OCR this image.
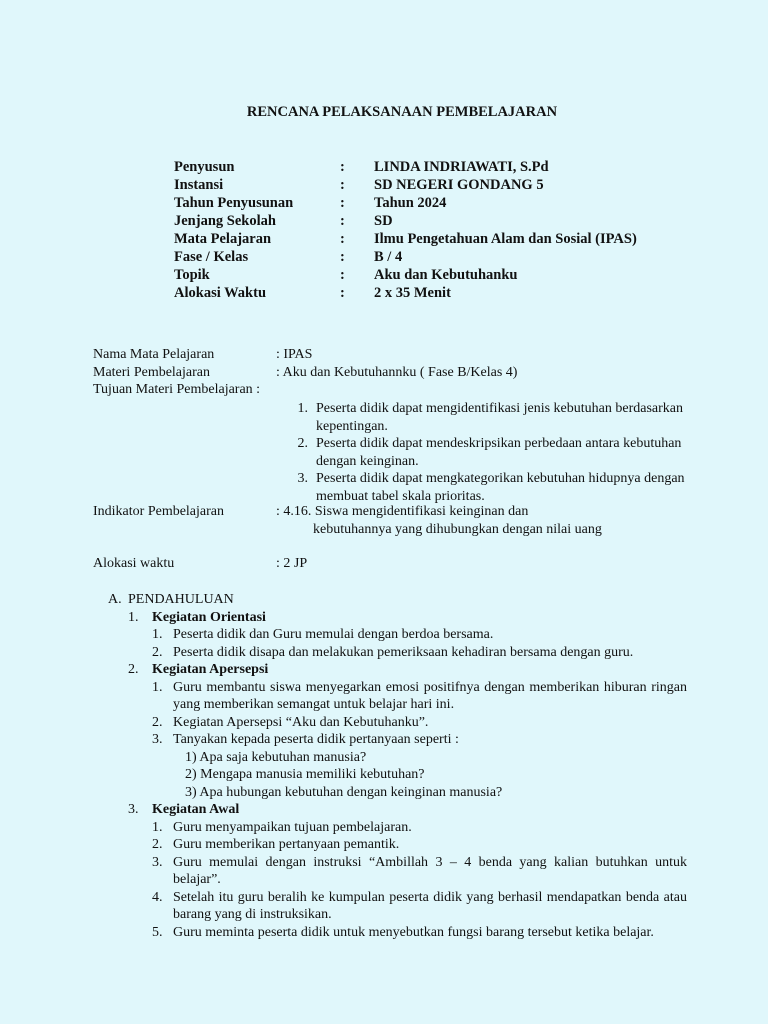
RENCANA PELAKSANAAN PEMBELAJARAN
Penyusun	:	LINDA INDRIAWATI, S.Pd
Instansi	:	SD NEGERI GONDANG 5
Tahun Penyusunan	:	Tahun 2024
Jenjang Sekolah	:	SD
Mata Pelajaran	:	Ilmu Pengetahuan Alam dan Sosial (IPAS)
Fase / Kelas	:	B / 4
Topik	:	Aku dan Kebutuhanku
Alokasi Waktu	:	2 x 35 Menit
Nama Mata Pelajaran	: IPAS
Materi Pembelajaran	: Aku dan Kebutuhannku ( Fase B/Kelas 4)
Tujuan Materi Pembelajaran :
1. Peserta didik dapat mengidentifikasi jenis kebutuhan berdasarkan kepentingan.
2. Peserta didik dapat mendeskripsikan perbedaan antara kebutuhan dengan keinginan.
3. Peserta didik dapat mengkategorikan kebutuhan hidupnya dengan membuat tabel skala prioritas.
Indikator Pembelajaran	: 4.16. Siswa mengidentifikasi keinginan dan
kebutuhannya yang dihubungkan dengan nilai uang
Alokasi waktu	: 2 JP
A. PENDAHULUAN
1. Kegiatan Orientasi
1. Peserta didik dan Guru memulai dengan berdoa bersama.
2. Peserta didik disapa dan melakukan pemeriksaan kehadiran bersama dengan guru.
2. Kegiatan Apersepsi
1. Guru membantu siswa menyegarkan emosi positifnya dengan memberikan hiburan ringan yang memberikan semangat untuk belajar hari ini.
2. Kegiatan Apersepsi “Aku dan Kebutuhanku”.
3. Tanyakan kepada peserta didik pertanyaan seperti :
1) Apa saja kebutuhan manusia?
2) Mengapa manusia memiliki kebutuhan?
3) Apa hubungan kebutuhan dengan keinginan manusia?
3. Kegiatan Awal
1. Guru menyampaikan tujuan pembelajaran.
2. Guru memberikan pertanyaan pemantik.
3. Guru memulai dengan instruksi “Ambillah 3 – 4 benda yang kalian butuhkan untuk belajar”.
4. Setelah itu guru beralih ke kumpulan peserta didik yang berhasil mendapatkan benda atau barang yang di instruksikan.
5. Guru meminta peserta didik untuk menyebutkan fungsi barang tersebut ketika belajar.
